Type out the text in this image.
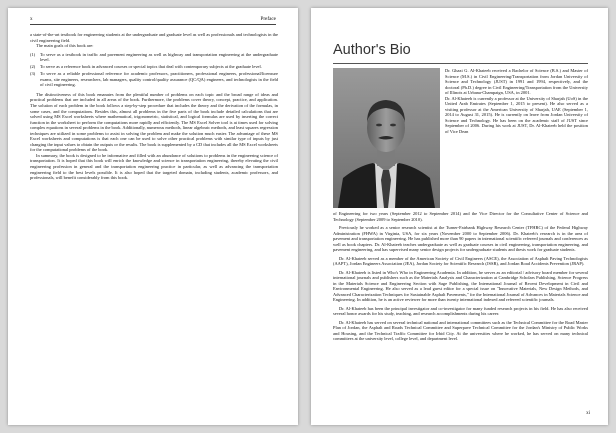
x	Preface

a state-of-the-art textbook for engineering students at the undergraduate and graduate level as well as professionals and technologists in the civil engineering field.

The main goals of this book are:

(1) To serve as a textbook in traffic and pavement engineering as well as highway and transportation engineering at the undergraduate level.
(2) To serve as a reference book in advanced courses or special topics that deal with contemporary subjects at the graduate level.
(3) To serve as a reliable professional reference for academic professors, practitioners, professional engineers, professional/licensure exams, site engineers, researchers, lab managers, quality control/quality assurance (QC/QA) engineers, and technologists in the field of civil engineering.

The distinctiveness of this book emanates from the plentiful number of problems on each topic and the broad range of ideas and practical problems that are included in all areas of the book. Furthermore, the problems cover theory, concept, practice, and application. The solution of each problem in the book follows a step-by-step procedure that includes the theory and the derivation of the formulas, in some cases, and the computations. Besides this, almost all problems in the five parts of the book include detailed calculations that are solved using MS Excel worksheets where mathematical, trigonometric, statistical, and logical formulas are used by inserting the correct function in the worksheet to perform the computations more rapidly and efficiently. The MS Excel Solver tool is at times used for solving complex equations in several problems in the book. Additionally, numerous methods, linear algebraic methods, and least squares regression techniques are utilized in some problems to assist in solving the problem and make the solution much easier. The advantage of these MS Excel worksheets and computations is that each one can be used to solve other practical problems with similar type of inputs by just changing the input values to obtain the outputs or the results. The book is supplemented by a CD that includes all the MS Excel worksheets for the computational problems of the book.

In summary, the book is designed to be informative and filled with an abundance of solutions to problems in the engineering science of transportation. It is hoped that this book will enrich the knowledge and science in transportation engineering, thereby elevating the civil engineering profession in general and the transportation engineering practice in particular, as well as advancing the transportation engineering field to the best levels possible. It is also hoped that the targeted domain, including students, academic professors, and professionals, will benefit considerably from this book.

Author's Bio

Dr. Ghazi G. Al-Khateeb received a Bachelor of Science (B.S.) and Master of Science (M.S.) in Civil Engineering/Transportation from Jordan University of Science and Technology (JUST) in 1991 and 1994, respectively, and the doctoral (Ph.D.) degree in Civil Engineering/Transportation from the University of Illinois at Urbana-Champaign, USA, in 2001.

Dr. Al-Khateeb is currently a professor at the University of Sharjah (UoS) in the United Arab Emirates (September 1, 2015 to present). He also served as a visiting professor at the American University of Sharjah, UAE (September 1, 2014 to August 31, 2015). He is currently on leave from Jordan University of Science and Technology. He has been on the academic staff of JUST since September of 2006. During his work at JUST, Dr. Al-Khateeb held the position of Vice Dean

of Engineering for two years (September 2012 to September 2014) and the Vice Director for the Consultative Center of Science and Technology (September 2009 to September 2010).

Previously he worked as a senior research scientist at the Turner-Fairbank Highway Research Center (TFHRC) of the Federal Highway Administration (FHWA) in Virginia, USA, for six years (November 2000 to September 2006). Dr. Khateeb's research is in the area of pavement and transportation engineering. He has published more than 90 papers in international scientific refereed journals and conferences as well as book chapters. Dr. Al-Khateeb teaches undergraduate as well as graduate courses in civil engineering, transportation engineering, and pavement engineering, and has supervised many senior design projects for undergraduate students and thesis work for graduate students.

Dr. Al-Khateeb served as a member of the American Society of Civil Engineers (ASCE), the Association of Asphalt Paving Technologists (AAPT), Jordan Engineers Association (JEA), Jordan Society for Scientific Research (JSSR), and Jordan Road Accidents Prevention (JRAP).

Dr. Al-Khateeb is listed in Who's Who in Engineering Academia. In addition, he serves as an editorial / advisory board member for several international journals and publishers such as the Materials Analysis and Characterization at Cambridge Scholars Publishing, Science Progress in the Materials Science and Engineering Section with Sage Publishing, the International Journal of Recent Development in Civil and Environmental Engineering. He also served as a lead guest editor for a special issue on "Innovative Materials, New Design Methods, and Advanced Characterization Techniques for Sustainable Asphalt Pavements," for the International Journal of Advances in Materials Science and Engineering. In addition, he is an active reviewer for more than twenty international indexed and refereed scientific journals.

Dr. Al-Khateeb has been the principal investigator and co-investigator for many funded research projects in his field. He has also received several honor awards for his study, teaching, and research accomplishments during his career.

Dr. Al-Khateeb has served on several technical national and international committees such as the Technical Committee for the Road Master Plan of Jordan, the Asphalt and Roads Technical Committee and Superpave Technical Committee for the Jordan's Ministry of Public Works and Housing, and the Technical Traffic Committee for Irbid City. At the universities where he worked, he has served on many technical committees at the university level, college level, and department level.

xi
